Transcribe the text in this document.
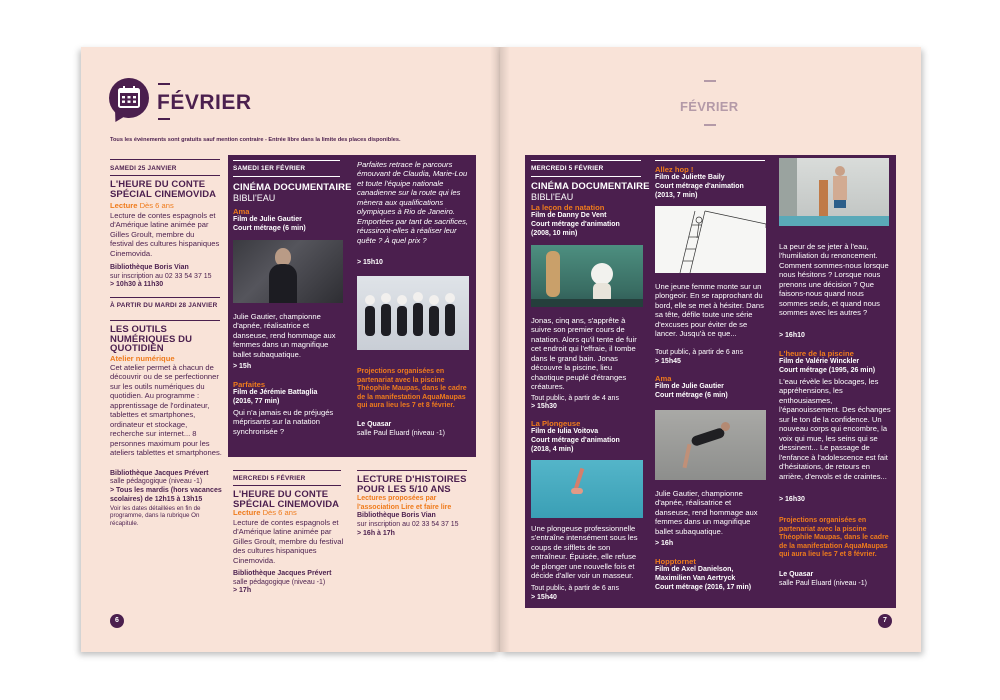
FÉVRIER
Tous les événements sont gratuits sauf mention contraire - Entrée libre dans la limite des places disponibles.
SAMEDI 25 JANVIER
L'HEURE DU CONTE SPÉCIAL CINEMOVIDA
Lecture Dès 6 ans
Lecture de contes espagnols et d'Amérique latine animée par Gilles Groult, membre du festival des cultures hispaniques Cinemovida.
Bibliothèque Boris Vian
sur inscription au 02 33 54 37 15
> 10h30 à 11h30
À PARTIR DU MARDI 28 JANVIER
LES OUTILS NUMÉRIQUES DU QUOTIDIEN
Atelier numérique
Cet atelier permet à chacun de découvrir ou de se perfectionner sur les outils numériques du quotidien. Au programme : apprentissage de l'ordinateur, tablettes et smartphones, ordinateur et stockage, recherche sur internet... 8 personnes maximum pour les ateliers tablettes et smartphones.
Bibliothèque Jacques Prévert
salle pédagogique (niveau -1)
> Tous les mardis (hors vacances scolaires) de 12h15 à 13h15
Voir les dates détaillées en fin de programme, dans la rubrique On récapitule.
SAMEDI 1ER FÉVRIER
CINÉMA DOCUMENTAIRE
BIBLI'EAU
Ama
Film de Julie Gautier
Court métrage (6 min)
Julie Gautier, championne d'apnée, réalisatrice et danseuse, rend hommage aux femmes dans un magnifique ballet subaquatique.
> 15h
Parfaites
Film de Jérémie Battaglia
(2016, 77 min)
Qui n'a jamais eu de préjugés méprisants sur la natation synchronisée ?
Parfaites retrace le parcours émouvant de Claudia, Marie-Lou et toute l'équipe nationale canadienne sur la route qui les mènera aux qualifications olympiques à Rio de Janeiro. Emportées par tant de sacrifices, réussiront-elles à réaliser leur quête ? À quel prix ?
> 15h10
Projections organisées en partenariat avec la piscine Théophile Maupas, dans le cadre de la manifestation AquaMaupas qui aura lieu les 7 et 8 février.
Le Quasar
salle Paul Eluard (niveau -1)
MERCREDI 5 FÉVRIER
L'HEURE DU CONTE SPÉCIAL CINEMOVIDA
Lecture Dès 6 ans
Lecture de contes espagnols et d'Amérique latine animée par Gilles Groult, membre du festival des cultures hispaniques Cinemovida.
Bibliothèque Jacques Prévert
salle pédagogique (niveau -1)
> 17h
LECTURE D'HISTOIRES POUR LES 5/10 ANS
Lectures proposées par l'association Lire et faire lire
Bibliothèque Boris Vian
sur inscription au 02 33 54 37 15
> 16h à 17h
6
FÉVRIER
MERCREDI 5 FÉVRIER
CINÉMA DOCUMENTAIRE
BIBLI'EAU
La leçon de natation
Film de Danny De Vent
Court métrage d'animation
(2008, 10 min)
Jonas, cinq ans, s'apprête à suivre son premier cours de natation. Alors qu'il tente de fuir cet endroit qui l'effraie, il tombe dans le grand bain. Jonas découvre la piscine, lieu chaotique peuplé d'étranges créatures.
Tout public, à partir de 4 ans
> 15h30
La Plongeuse
Film de Iulia Voitova
Court métrage d'animation
(2018, 4 min)
Une plongeuse professionnelle s'entraîne intensément sous les coups de sifflets de son entraîneur. Épuisée, elle refuse de plonger une nouvelle fois et décide d'aller voir un masseur.
Tout public, à partir de 6 ans
> 15h40
Allez hop !
Film de Juliette Baily
Court métrage d'animation
(2013, 7 min)
Une jeune femme monte sur un plongeoir. En se rapprochant du bord, elle se met à hésiter. Dans sa tête, défile toute une série d'excuses pour éviter de se lancer. Jusqu'à ce que...
Tout public, à partir de 6 ans
> 15h45
Ama
Film de Julie Gautier
Court métrage (6 min)
Julie Gautier, championne d'apnée, réalisatrice et danseuse, rend hommage aux femmes dans un magnifique ballet subaquatique.
> 16h
Hopptornet
Film de Axel Danielson, Maximilien Van Aertryck
Court métrage (2016, 17 min)
La peur de se jeter à l'eau, l'humiliation du renoncement. Comment sommes-nous lorsque nous hésitons ? Lorsque nous prenons une décision ? Que faisons-nous quand nous sommes seuls, et quand nous sommes avec les autres ?
> 16h10
L'heure de la piscine
Film de Valérie Winckler
Court métrage (1995, 26 min)
L'eau révèle les blocages, les appréhensions, les enthousiasmes, l'épanouissement. Des échanges sur le ton de la confidence. Un nouveau corps qui encombre, la voix qui mue, les seins qui se dessinent... Le passage de l'enfance à l'adolescence est fait d'hésitations, de retours en arrière, d'envols et de craintes...
> 16h30
Projections organisées en partenariat avec la piscine Théophile Maupas, dans le cadre de la manifestation AquaMaupas qui aura lieu les 7 et 8 février.
Le Quasar
salle Paul Eluard (niveau -1)
7
